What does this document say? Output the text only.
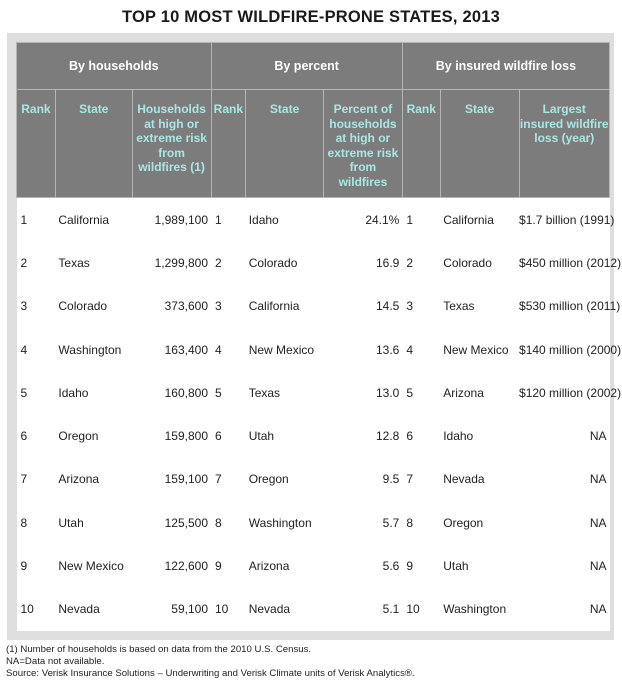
TOP 10 MOST WILDFIRE-PRONE STATES, 2013
By households			By percent			By insured wildfire loss		
Rank	State	Households at high or extreme risk from wildfires (1)	Rank	State	Percent of households at high or extreme risk from wildfires	Rank	State	Largest insured wildfire loss (year)
1	California	1,989,100	1	Idaho	24.1%	1	California	$1.7 billion (1991)
2	Texas	1,299,800	2	Colorado	16.9	2	Colorado	$450 million (2012)
3	Colorado	373,600	3	California	14.5	3	Texas	$530 million (2011)
4	Washington	163,400	4	New Mexico	13.6	4	New Mexico	$140 million (2000)
5	Idaho	160,800	5	Texas	13.0	5	Arizona	$120 million (2002)
6	Oregon	159,800	6	Utah	12.8	6	Idaho	NA
7	Arizona	159,100	7	Oregon	9.5	7	Nevada	NA
8	Utah	125,500	8	Washington	5.7	8	Oregon	NA
9	New Mexico	122,600	9	Arizona	5.6	9	Utah	NA
10	Nevada	59,100	10	Nevada	5.1	10	Washington	NA
(1) Number of households is based on data from the 2010 U.S. Census.
NA=Data not available.
Source: Verisk Insurance Solutions – Underwriting and Verisk Climate units of Verisk Analytics®.
